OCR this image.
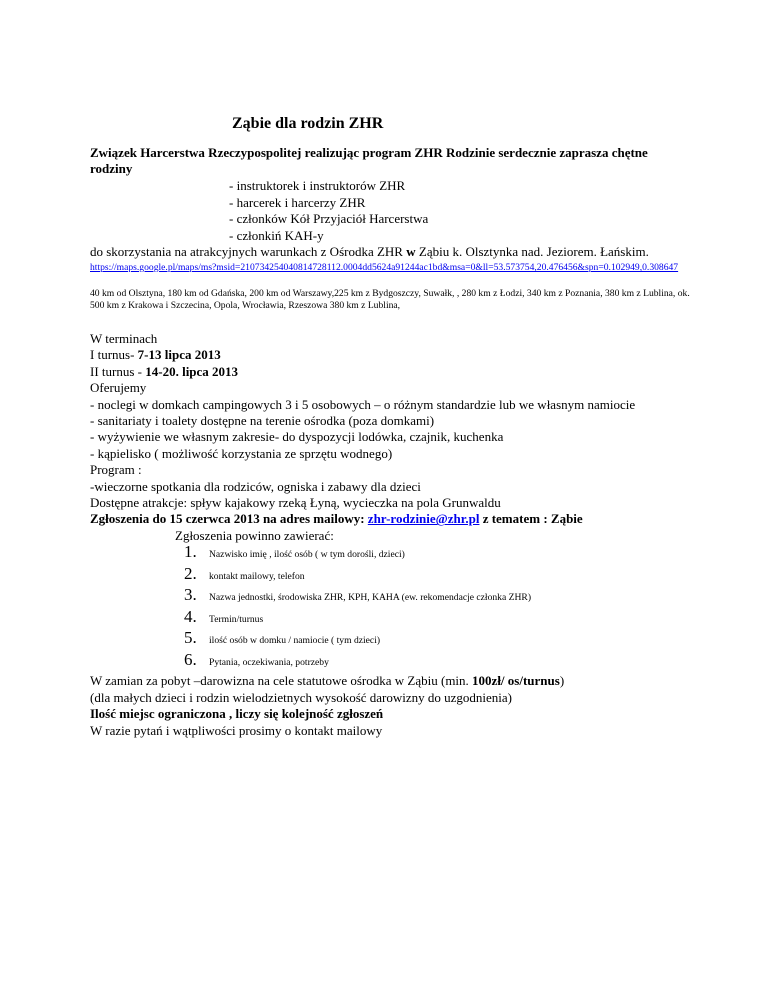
Ząbie dla rodzin ZHR
Związek Harcerstwa Rzeczypospolitej realizując program ZHR Rodzinie serdecznie zaprasza chętne rodziny
- instruktorek i instruktorów ZHR
- harcerek i harcerzy ZHR
- członków Kół Przyjaciół Harcerstwa
- członkiń KAH-y
do skorzystania na atrakcyjnych warunkach z Ośrodka ZHR w Ząbiu k. Olsztynka nad. Jeziorem. Łańskim.
https://maps.google.pl/maps/ms?msid=210734254040814728112.0004dd5624a91244ac1bd&msa=0&ll=53.573754,20.476456&spn=0.102949,0.308647
40 km od Olsztyna, 180 km od Gdańska, 200 km od Warszawy,225 km z Bydgoszczy, Suwałk, , 280 km z Łodzi, 340 km z Poznania, 380 km z Lublina, ok. 500 km z Krakowa i Szczecina, Opola, Wrocławia, Rzeszowa 380 km z Lublina,
W terminach
I turnus- 7-13 lipca 2013
II turnus - 14-20. lipca 2013
Oferujemy
- noclegi w domkach campingowych 3 i 5 osobowych – o różnym standardzie lub we własnym namiocie
- sanitariaty i toalety dostępne na terenie ośrodka (poza domkami)
- wyżywienie we własnym zakresie- do dyspozycji lodówka, czajnik, kuchenka
- kąpielisko ( możliwość korzystania ze sprzętu wodnego)
Program :
-wieczorne spotkania dla rodziców, ogniska i zabawy dla dzieci
Dostępne atrakcje: spływ kajakowy rzeką Łyną, wycieczka na pola Grunwaldu
Zgłoszenia do 15 czerwca 2013 na adres mailowy: zhr-rodzinie@zhr.pl z tematem : Ząbie
Zgłoszenia powinno zawierać:
1.	Nazwisko imię , ilość osób ( w tym dorośli, dzieci)
2.	kontakt mailowy, telefon
3.	Nazwa jednostki, środowiska ZHR, KPH, KAHA (ew. rekomendacje członka ZHR)
4.	Termin/turnus
5.	ilość osób w domku / namiocie ( tym dzieci)
6.	Pytania, oczekiwania, potrzeby
W zamian za pobyt –darowizna na cele statutowe ośrodka w Ząbiu (min. 100zł/ os/turnus)
(dla małych dzieci i rodzin wielodzietnych wysokość darowizny do uzgodnienia)
Ilość miejsc ograniczona , liczy się kolejność zgłoszeń
W razie pytań i wątpliwości prosimy o kontakt mailowy
